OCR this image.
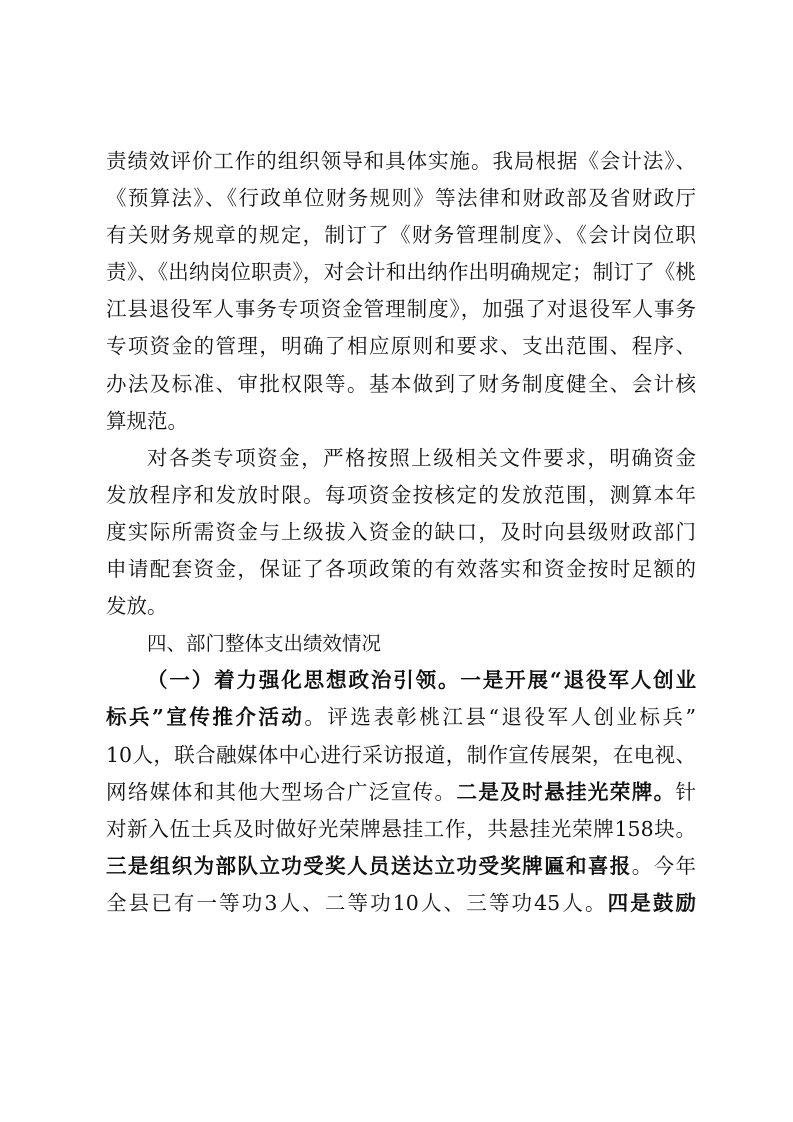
责绩效评价工作的组织领导和具体实施。我局根据《会计法》、
《预算法》、《行政单位财务规则》等法律和财政部及省财政厅
有关财务规章的规定，制订了《财务管理制度》、《会计岗位职
责》、《出纳岗位职责》，对会计和出纳作出明确规定；制订了《桃
江县退役军人事务专项资金管理制度》，加强了对退役军人事务
专项资金的管理，明确了相应原则和要求、支出范围、程序、
办法及标准、审批权限等。基本做到了财务制度健全、会计核
算规范。
对各类专项资金，严格按照上级相关文件要求，明确资金
发放程序和发放时限。每项资金按核定的发放范围，测算本年
度实际所需资金与上级拔入资金的缺口，及时向县级财政部门
申请配套资金，保证了各项政策的有效落实和资金按时足额的
发放。
四、部门整体支出绩效情况
（一）着力强化思想政治引领。一是开展“退役军人创业
标兵”宣传推介活动。评选表彰桃江县“退役军人创业标兵”
10人，联合融媒体中心进行采访报道，制作宣传展架，在电视、
网络媒体和其他大型场合广泛宣传。二是及时悬挂光荣牌。针
对新入伍士兵及时做好光荣牌悬挂工作，共悬挂光荣牌158块。
三是组织为部队立功受奖人员送达立功受奖牌匾和喜报。今年
全县已有一等功3人、二等功10人、三等功45人。四是鼓励
